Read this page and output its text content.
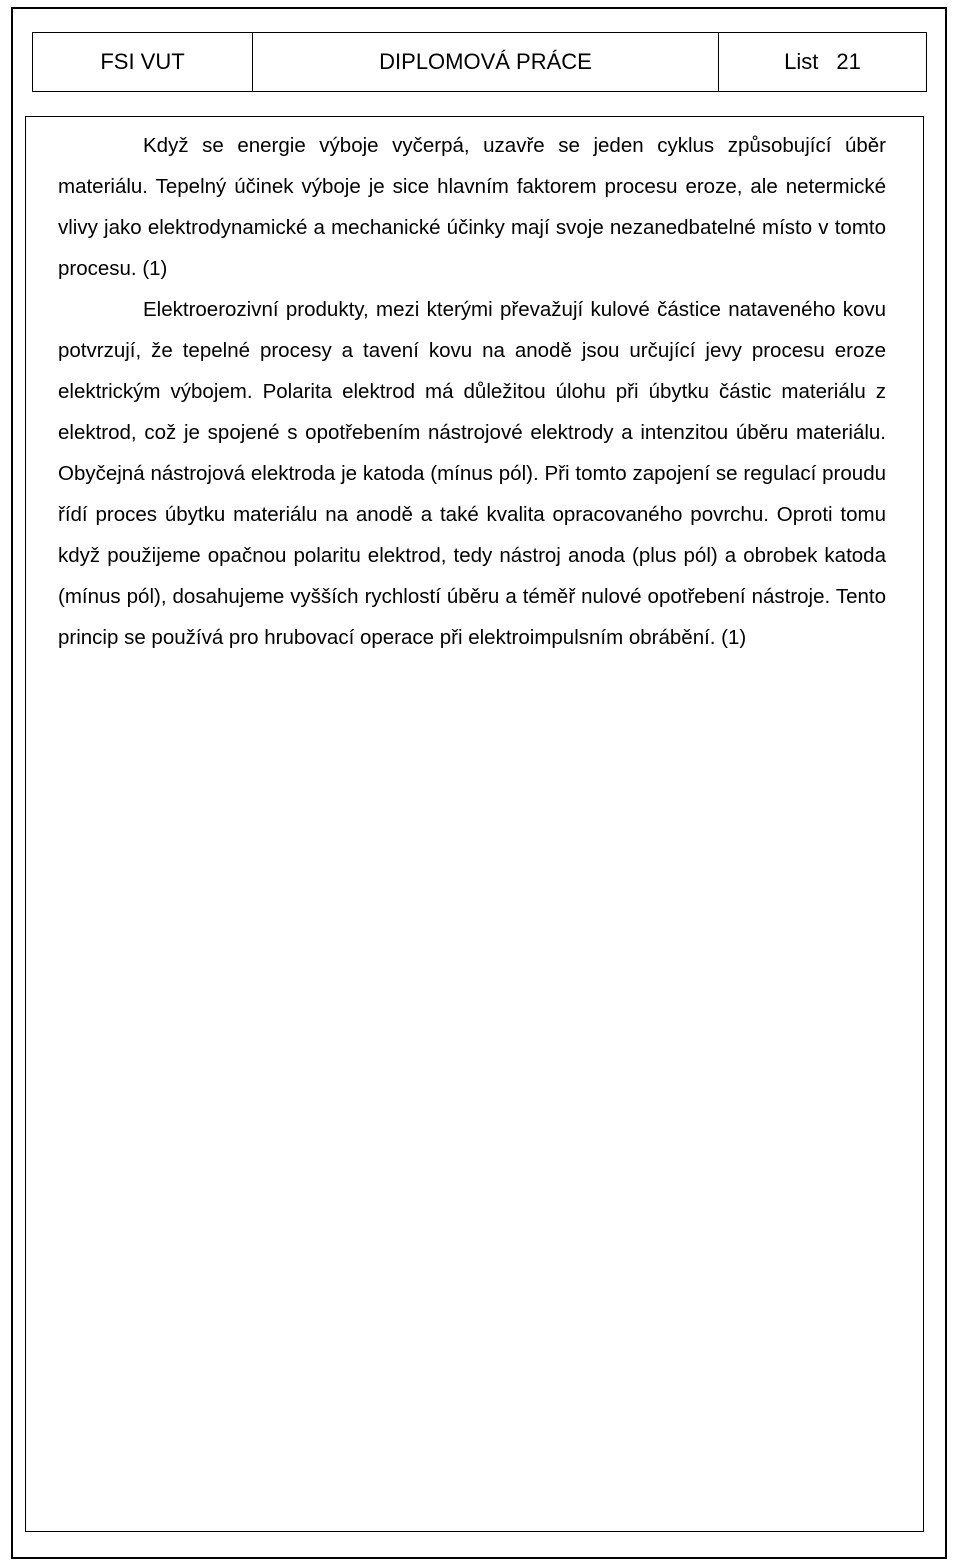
FSI VUT	DIPLOMOVÁ PRÁCE	List 21

Když se energie výboje vyčerpá, uzavře se jeden cyklus způsobující úběr materiálu. Tepelný účinek výboje je sice hlavním faktorem procesu eroze, ale netermické vlivy jako elektrodynamické a mechanické účinky mají svoje nezanedbatelné místo v tomto procesu. (1)

Elektroerozivní produkty, mezi kterými převažují kulové částice nataveného kovu potvrzují, že tepelné procesy a tavení kovu na anodě jsou určující jevy procesu eroze elektrickým výbojem. Polarita elektrod má důležitou úlohu při úbytku částic materiálu z elektrod, což je spojené s opotřebením nástrojové elektrody a intenzitou úběru materiálu. Obyčejná nástrojová elektroda je katoda (mínus pól). Při tomto zapojení se regulací proudu řídí proces úbytku materiálu na anodě a také kvalita opracovaného povrchu. Oproti tomu když použijeme opačnou polaritu elektrod, tedy nástroj anoda (plus pól) a obrobek katoda (mínus pól), dosahujeme vyšších rychlostí úběru a téměř nulové opotřebení nástroje. Tento princip se používá pro hrubovací operace při elektroimpulsním obrábění. (1)
